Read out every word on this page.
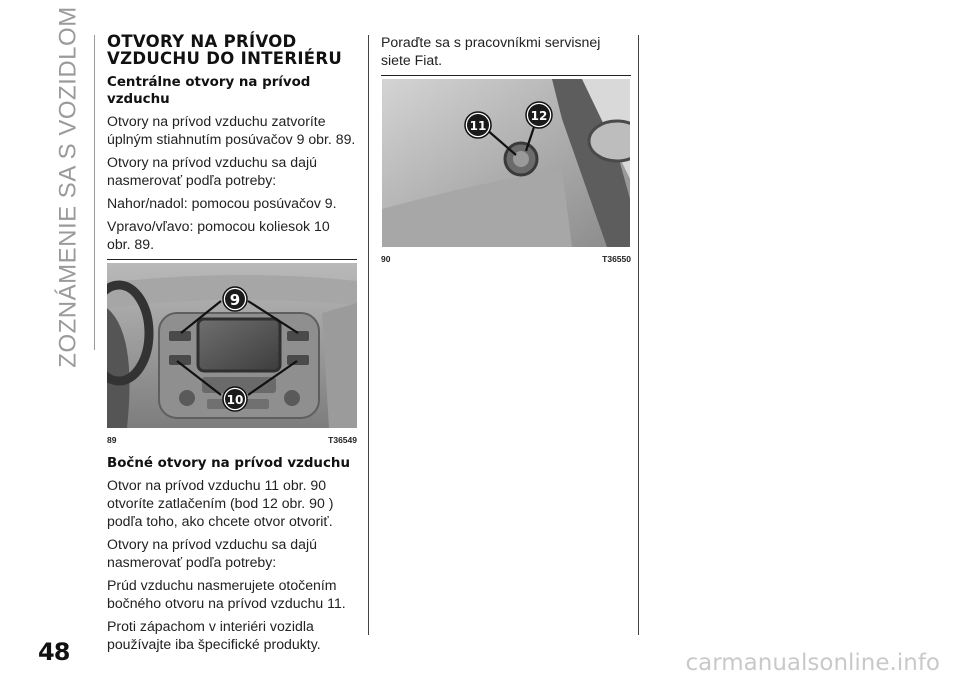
ZOZNÁMENIE SA S VOZIDLOM OTVORY NA PRÍVOD VZDUCHU DO INTERIÉRU
Centrálne otvory na prívod vzduchu

Otvory na prívod vzduchu zatvoríte úplným stiahnutím posúvačov 9 obr. 89.

Otvory na prívod vzduchu sa dajú nasmerovať podľa potreby:

Nahor/nadol: pomocou posúvačov 9.

Vpravo/vľavo: pomocou koliesok 10 obr. 89.

9
10
89	T36549
Bočné otvory na prívod vzduchu

Otvor na prívod vzduchu 11 obr. 90 otvoríte zatlačením (bod 12 obr. 90 ) podľa toho, ako chcete otvor otvoriť.

Otvory na prívod vzduchu sa dajú nasmerovať podľa potreby:

Prúd vzduchu nasmerujete otočením bočného otvoru na prívod vzduchu 11.

Proti zápachom v interiéri vozidla používajte iba špecifické produkty.

Poraďte sa s pracovníkmi servisnej siete Fiat.

11
12
90	T36550
48	carmanualsonline.info
